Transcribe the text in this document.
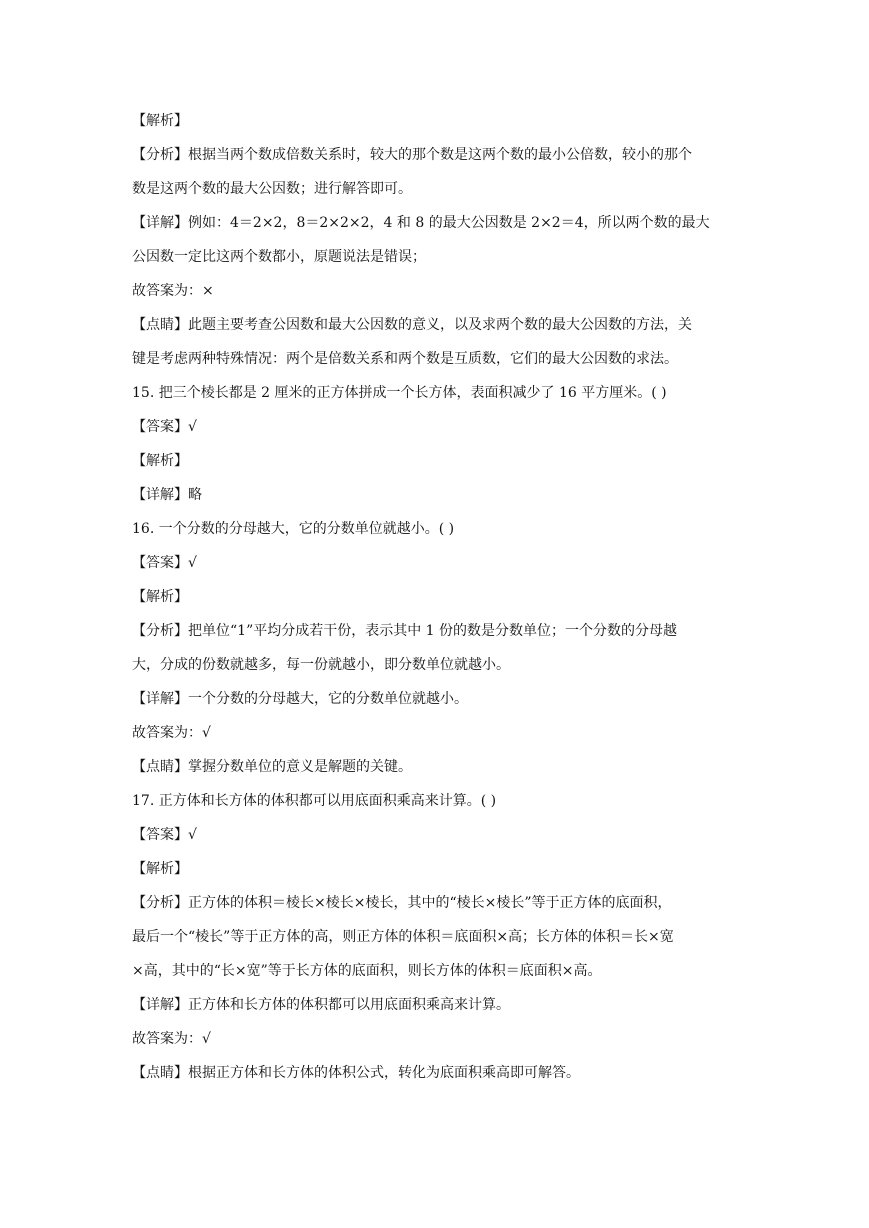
【解析】
【分析】根据当两个数成倍数关系时，较大的那个数是这两个数的最小公倍数，较小的那个
数是这两个数的最大公因数；进行解答即可。
【详解】例如：4＝2×2，8＝2×2×2，4 和 8 的最大公因数是 2×2＝4，所以两个数的最大
公因数一定比这两个数都小，原题说法是错误；
故答案为：×
【点睛】此题主要考查公因数和最大公因数的意义，以及求两个数的最大公因数的方法，关
键是考虑两种特殊情况：两个是倍数关系和两个数是互质数，它们的最大公因数的求法。
15. 把三个棱长都是 2 厘米的正方体拼成一个长方体，表面积减少了 16 平方厘米。( )
【答案】√
【解析】
【详解】略
16. 一个分数的分母越大，它的分数单位就越小。( )
【答案】√
【解析】
【分析】把单位“1”平均分成若干份，表示其中 1 份的数是分数单位；一个分数的分母越
大，分成的份数就越多，每一份就越小，即分数单位就越小。
【详解】一个分数的分母越大，它的分数单位就越小。
故答案为：√
【点睛】掌握分数单位的意义是解题的关键。
17. 正方体和长方体的体积都可以用底面积乘高来计算。( )
【答案】√
【解析】
【分析】正方体的体积＝棱长×棱长×棱长，其中的“棱长×棱长”等于正方体的底面积，
最后一个“棱长”等于正方体的高，则正方体的体积＝底面积×高；长方体的体积＝长×宽
×高，其中的“长×宽”等于长方体的底面积，则长方体的体积＝底面积×高。
【详解】正方体和长方体的体积都可以用底面积乘高来计算。
故答案为：√
【点睛】根据正方体和长方体的体积公式，转化为底面积乘高即可解答。
